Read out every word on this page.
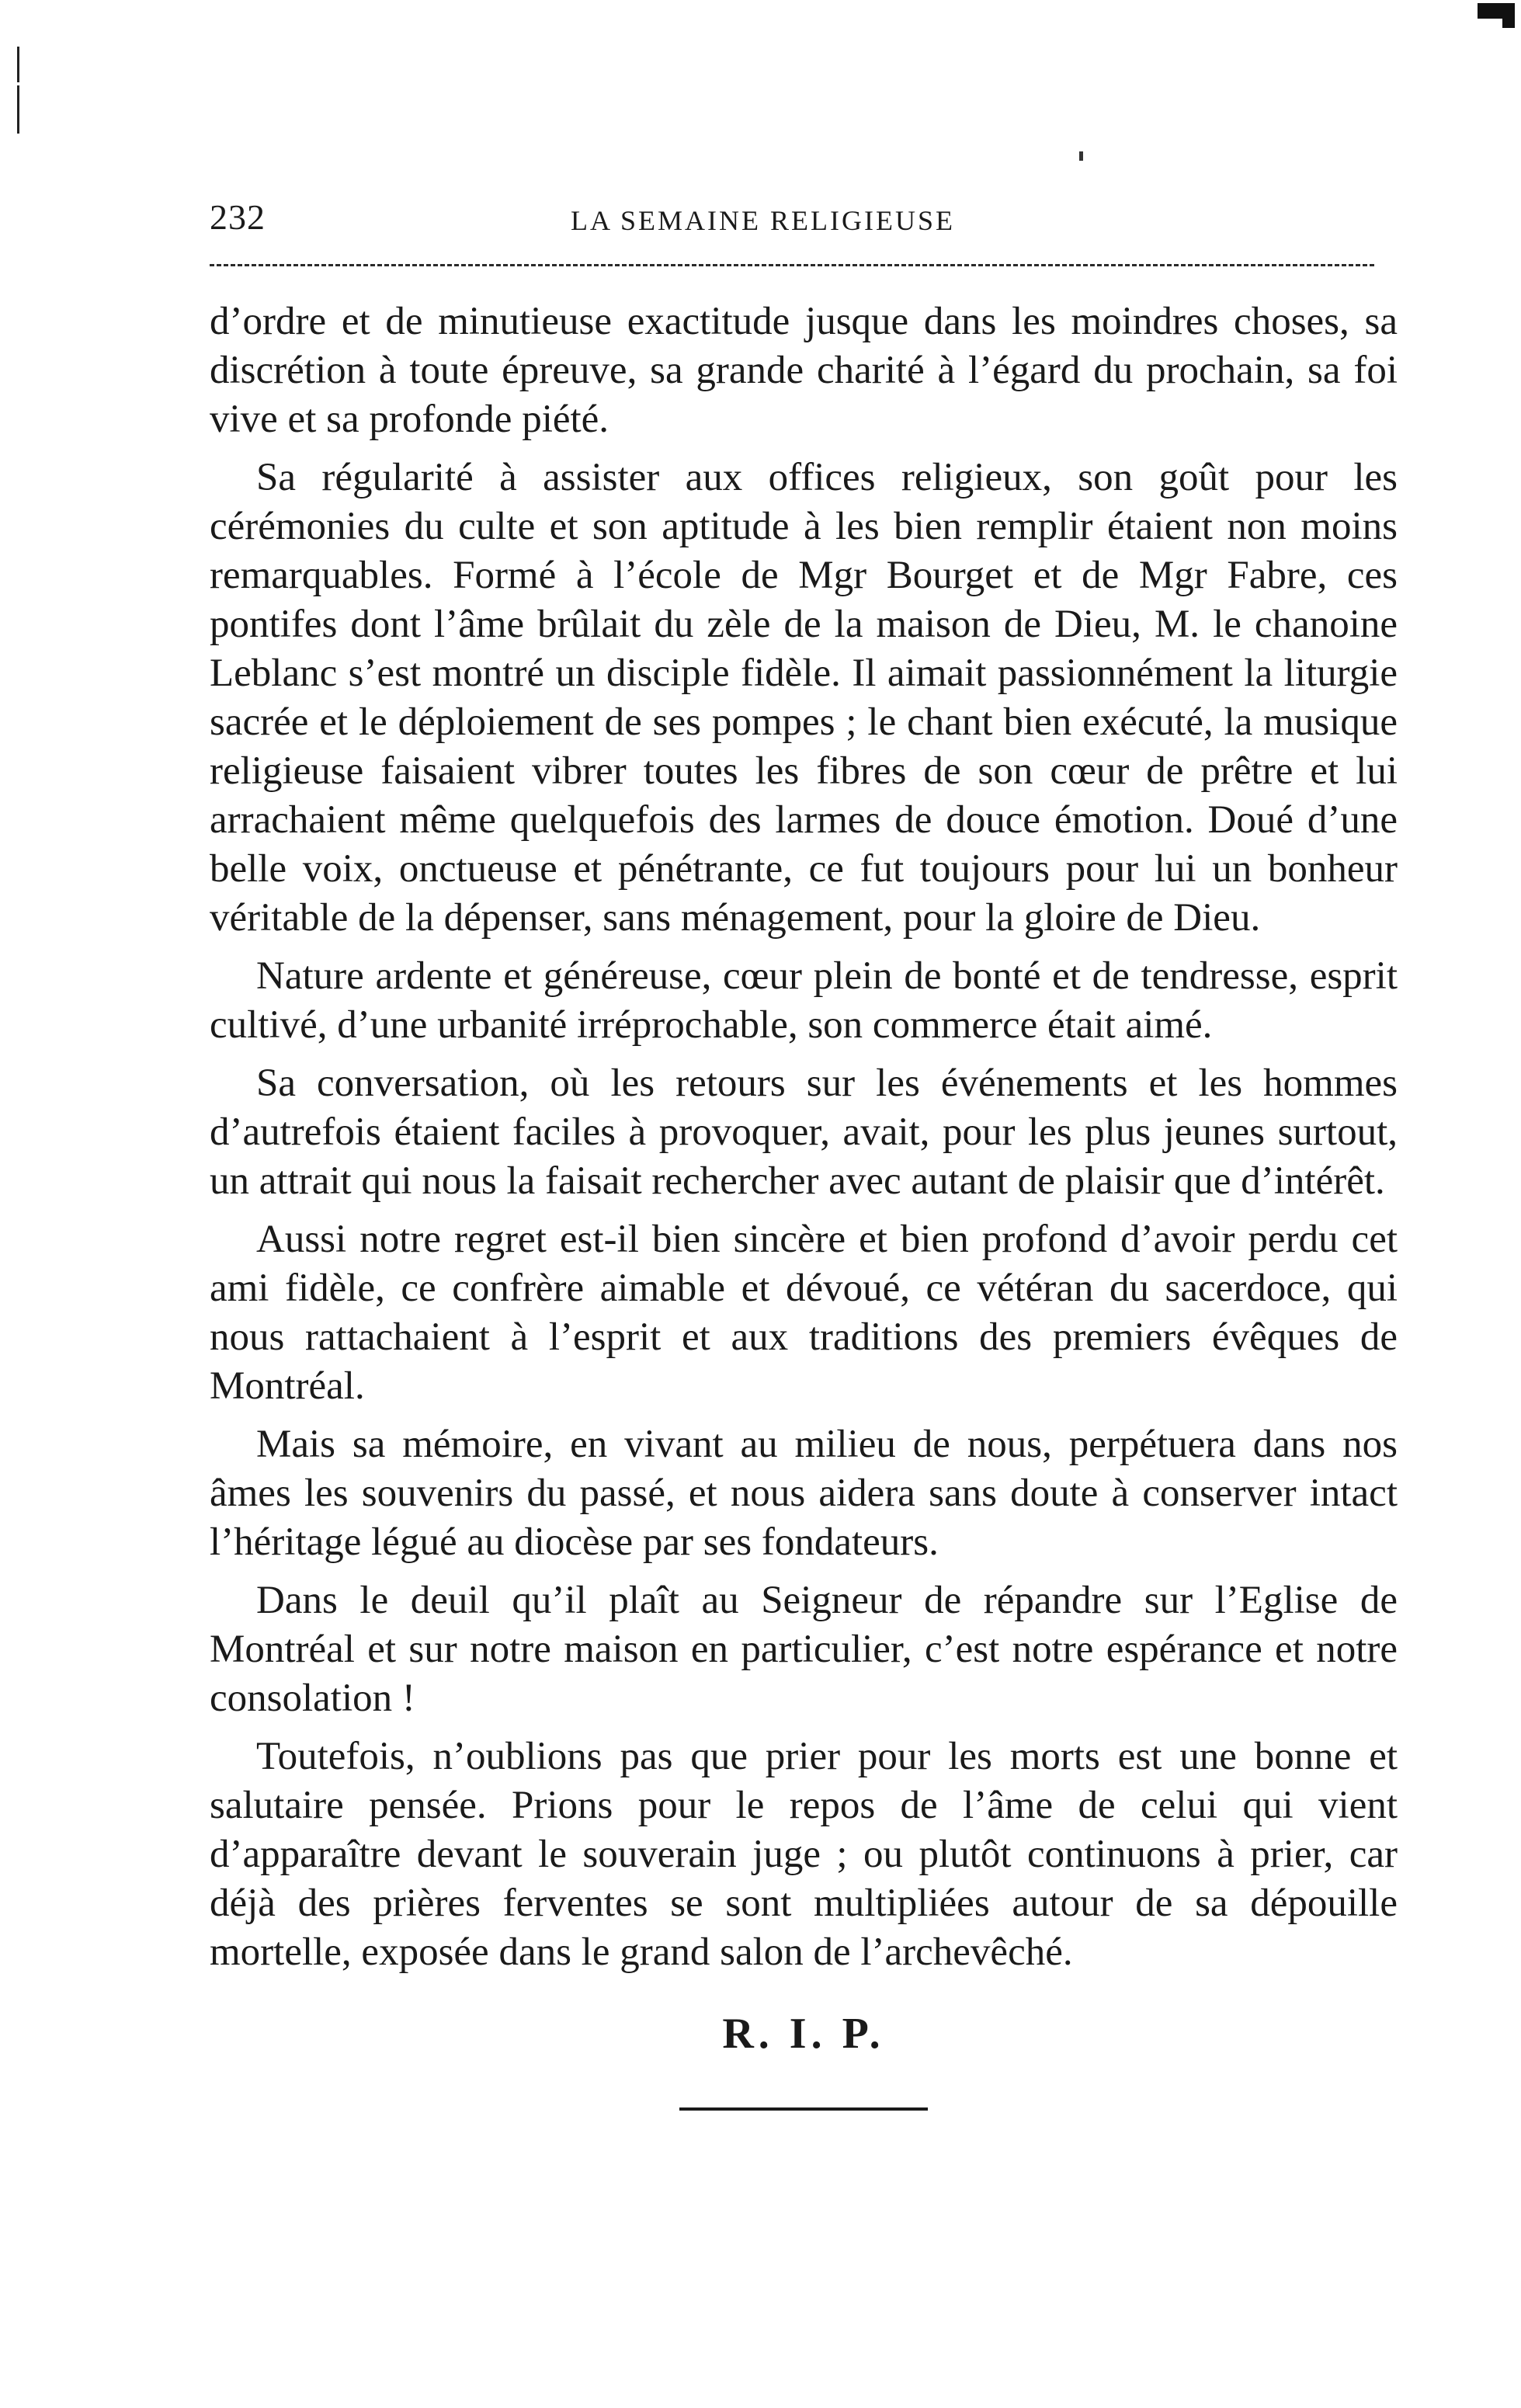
232	LA SEMAINE RELIGIEUSE

d’ordre et de minutieuse exactitude jusque dans les moindres choses, sa discrétion à toute épreuve, sa grande charité à l’égard du prochain, sa foi vive et sa profonde piété.

Sa régularité à assister aux offices religieux, son goût pour les cérémonies du culte et son aptitude à les bien remplir étaient non moins remarquables. Formé à l’école de Mgr Bourget et de Mgr Fabre, ces pontifes dont l’âme brûlait du zèle de la maison de Dieu, M. le chanoine Leblanc s’est montré un disciple fidèle. Il aimait passionnément la liturgie sacrée et le déploiement de ses pompes ; le chant bien exécuté, la musique religieuse faisaient vibrer toutes les fibres de son cœur de prêtre et lui arrachaient même quelquefois des larmes de douce émotion. Doué d’une belle voix, onctueuse et pénétrante, ce fut toujours pour lui un bonheur véritable de la dépenser, sans ménagement, pour la gloire de Dieu.

Nature ardente et généreuse, cœur plein de bonté et de tendresse, esprit cultivé, d’une urbanité irréprochable, son commerce était aimé.

Sa conversation, où les retours sur les événements et les hommes d’autrefois étaient faciles à provoquer, avait, pour les plus jeunes surtout, un attrait qui nous la faisait rechercher avec autant de plaisir que d’intérêt.

Aussi notre regret est-il bien sincère et bien profond d’avoir perdu cet ami fidèle, ce confrère aimable et dévoué, ce vétéran du sacerdoce, qui nous rattachaient à l’esprit et aux traditions des premiers évêques de Montréal.

Mais sa mémoire, en vivant au milieu de nous, perpétuera dans nos âmes les souvenirs du passé, et nous aidera sans doute à conserver intact l’héritage légué au diocèse par ses fondateurs.

Dans le deuil qu’il plaît au Seigneur de répandre sur l’Eglise de Montréal et sur notre maison en particulier, c’est notre espérance et notre consolation !

Toutefois, n’oublions pas que prier pour les morts est une bonne et salutaire pensée. Prions pour le repos de l’âme de celui qui vient d’apparaître devant le souverain juge ; ou plutôt continuons à prier, car déjà des prières ferventes se sont multipliées autour de sa dépouille mortelle, exposée dans le grand salon de l’archevêché.

R. I. P.
